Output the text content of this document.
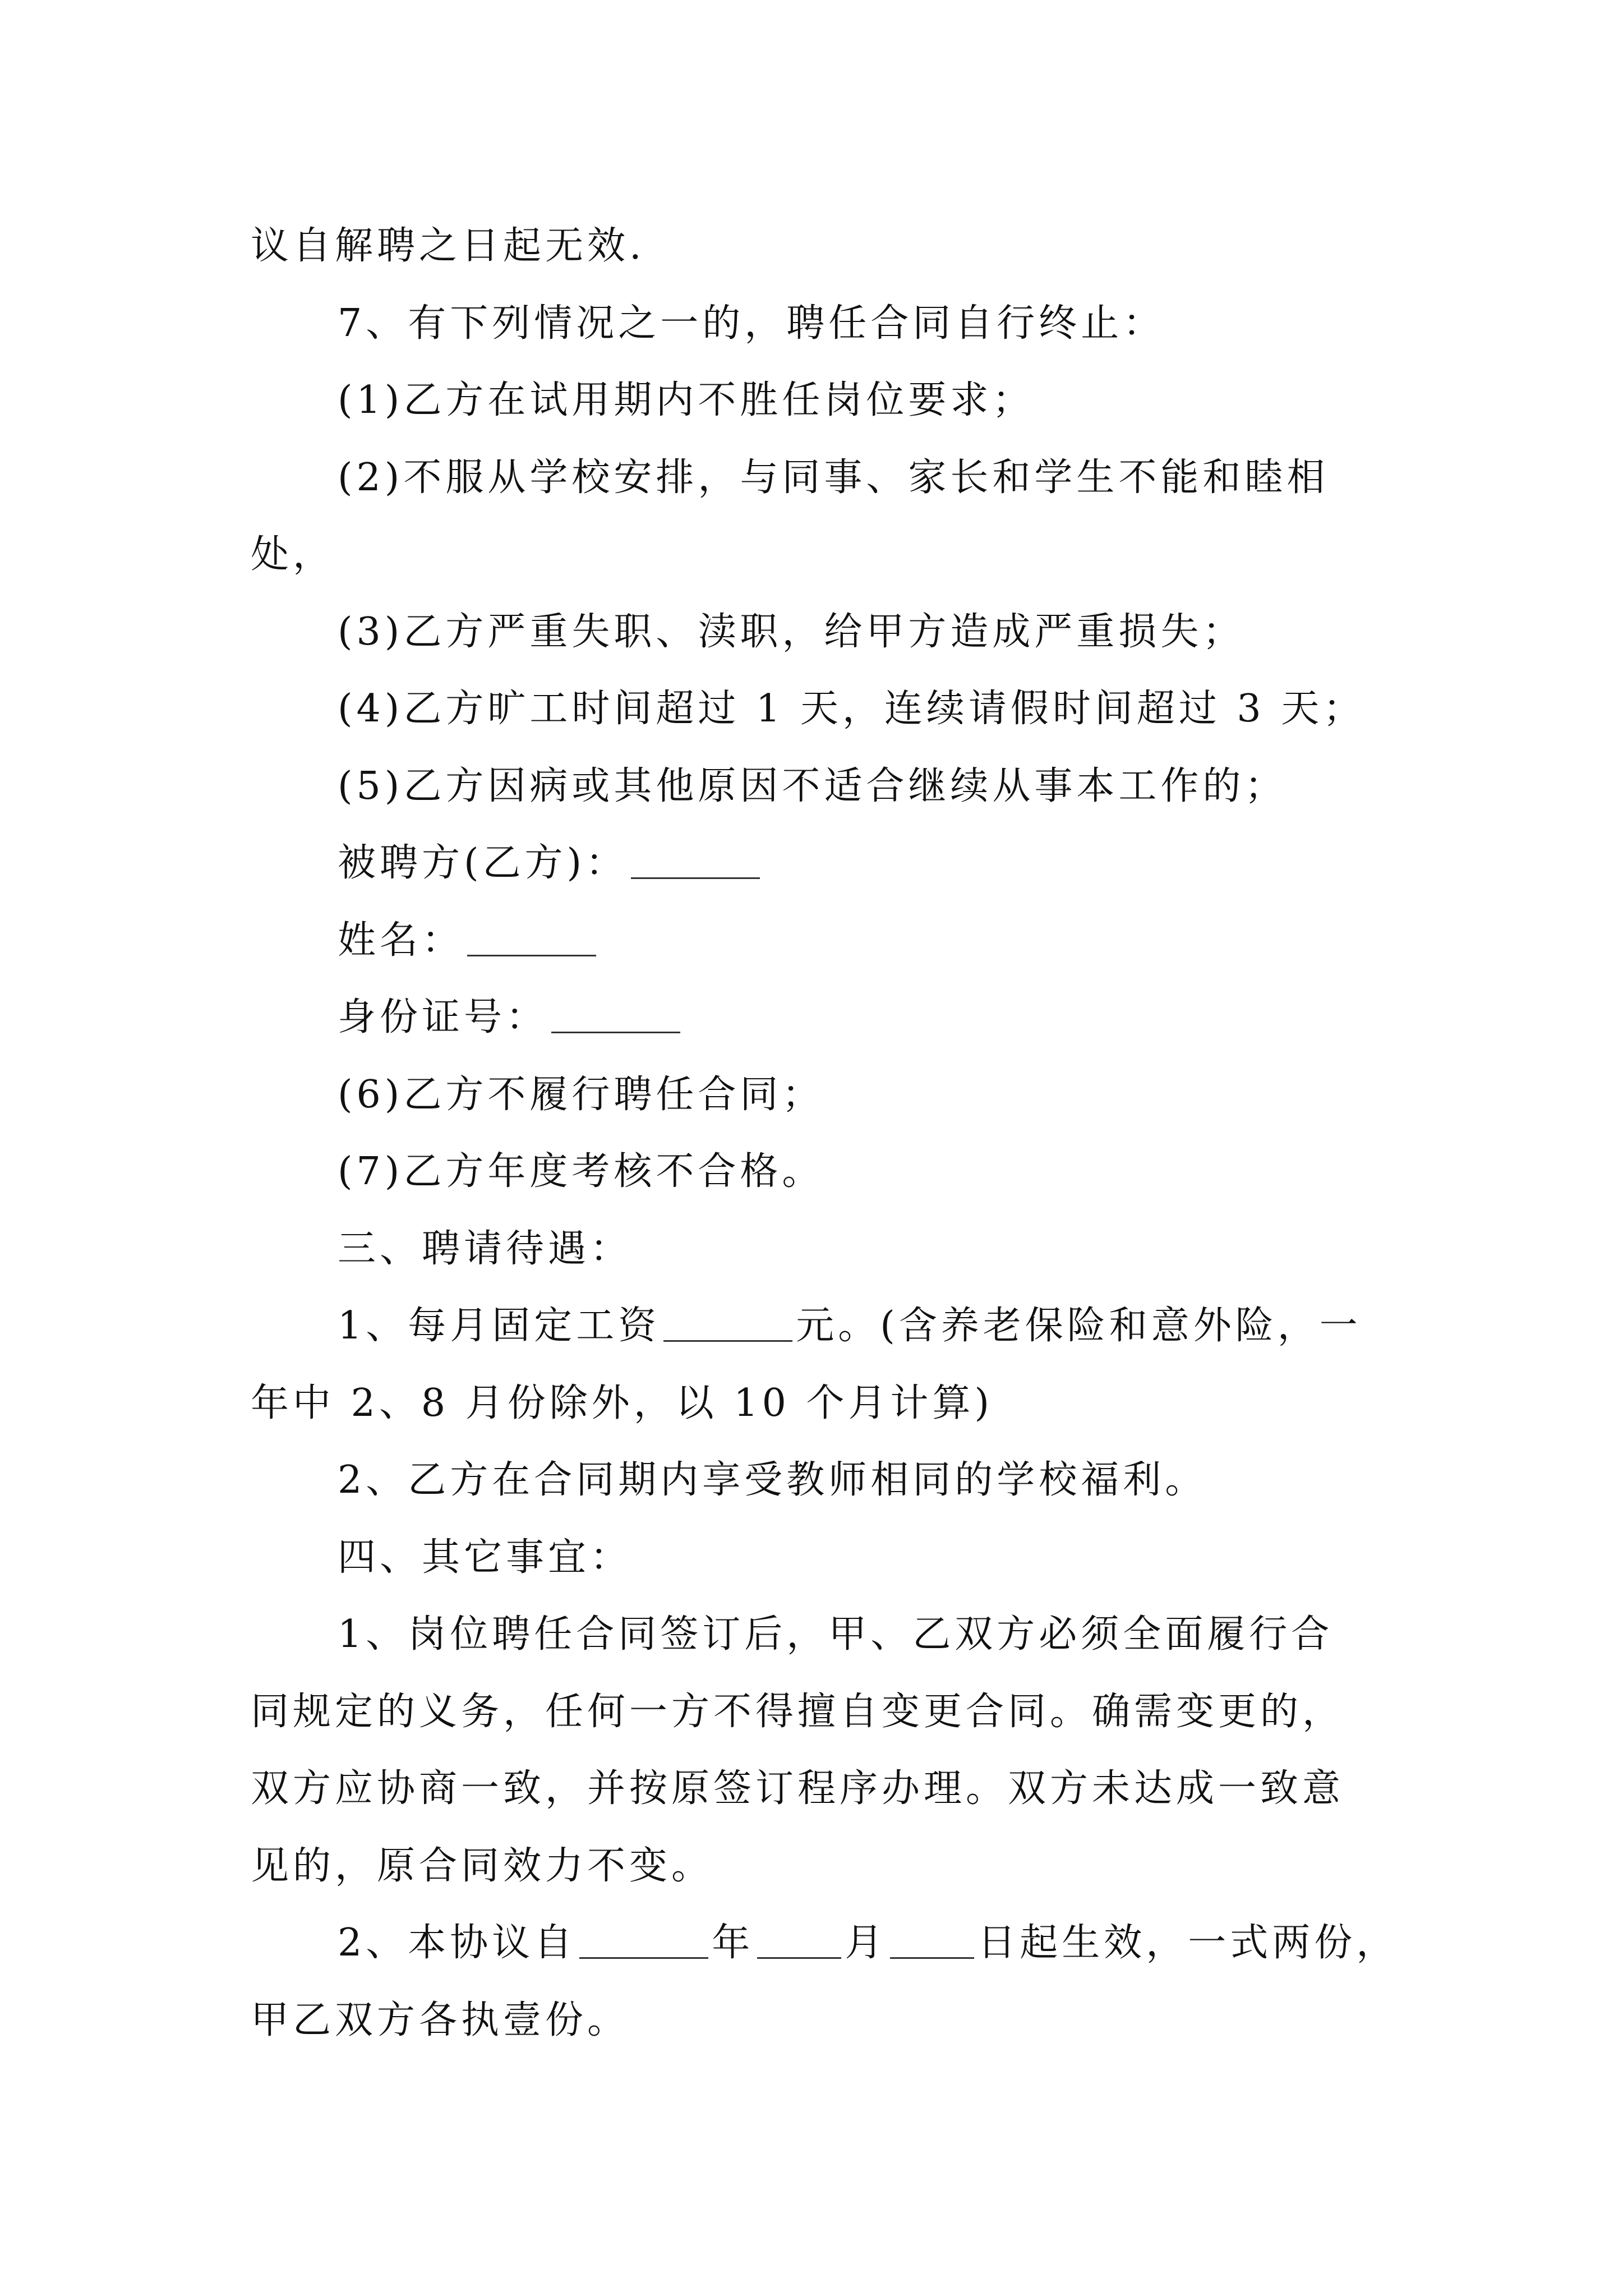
议自解聘之日起无效.
7、有下列情况之一的，聘任合同自行终止：
(1)乙方在试用期内不胜任岗位要求；
(2)不服从学校安排，与同事、家长和学生不能和睦相
处，
(3)乙方严重失职、渎职，给甲方造成严重损失；
(4)乙方旷工时间超过 1 天，连续请假时间超过 3 天；
(5)乙方因病或其他原因不适合继续从事本工作的；
被聘方(乙方)：
姓名：
身份证号：
(6)乙方不履行聘任合同；
(7)乙方年度考核不合格。
三、聘请待遇：
1、每月固定工资	元。(含养老保险和意外险，一
年中 2、8 月份除外，以 10 个月计算)
2、乙方在合同期内享受教师相同的学校福利。
四、其它事宜：
1、岗位聘任合同签订后，甲、乙双方必须全面履行合
同规定的义务，任何一方不得擅自变更合同。确需变更的，
双方应协商一致，并按原签订程序办理。双方未达成一致意
见的，原合同效力不变。
2、本协议自	年 月 日起生效，一式两份，
甲乙双方各执壹份。
